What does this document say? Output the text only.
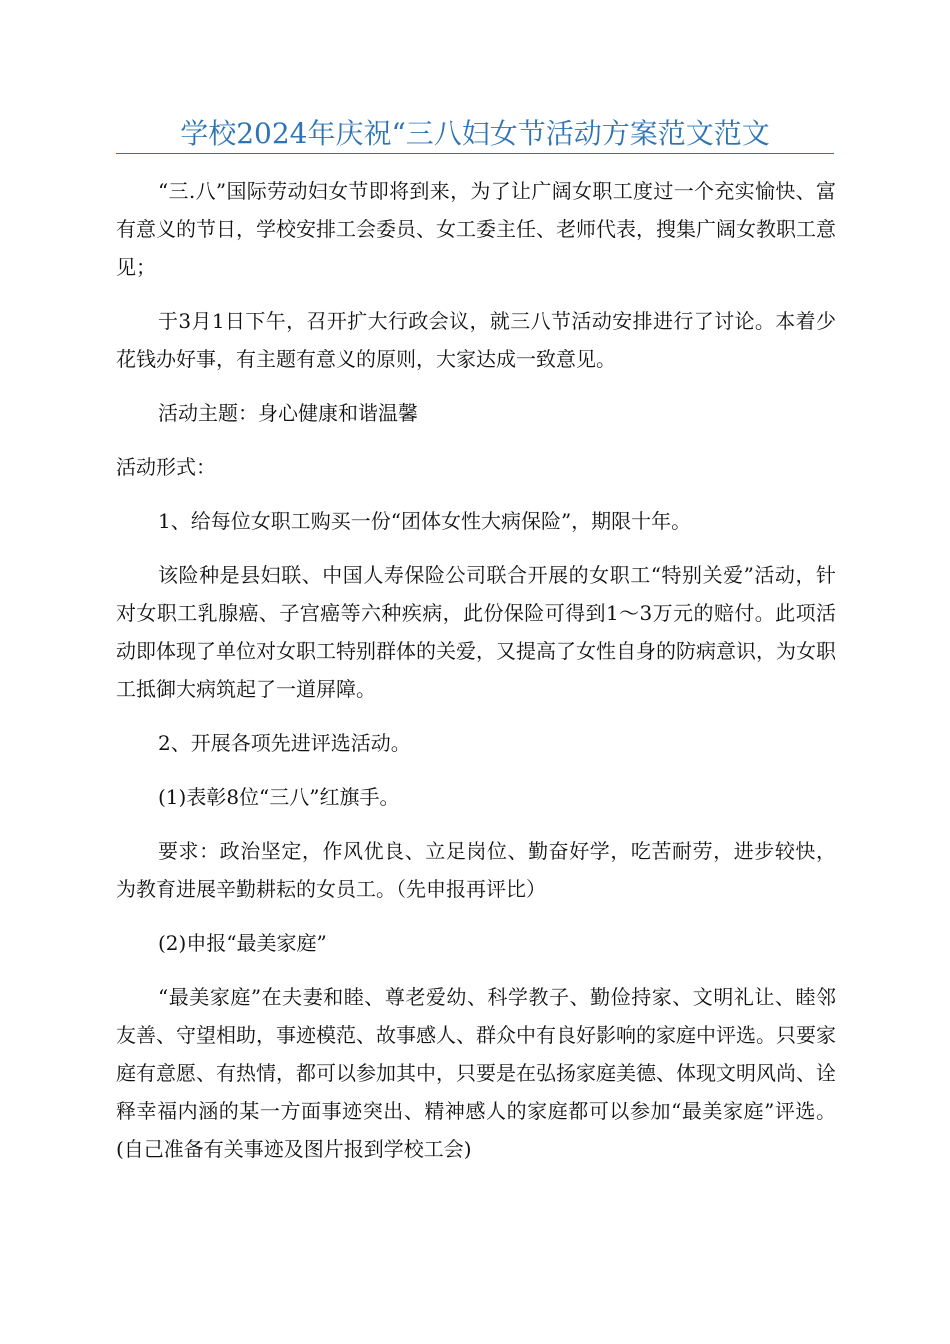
学校2024年庆祝“三八妇女节活动方案范文范文

“三.八”国际劳动妇女节即将到来，为了让广阔女职工度过一个充实愉快、富有意义的节日，学校安排工会委员、女工委主任、老师代表，搜集广阔女教职工意见；

于3月1日下午，召开扩大行政会议，就三八节活动安排进行了讨论。本着少花钱办好事，有主题有意义的原则，大家达成一致意见。

活动主题：身心健康和谐温馨

活动形式：

1、给每位女职工购买一份“团体女性大病保险”，期限十年。

该险种是县妇联、中国人寿保险公司联合开展的女职工“特别关爱”活动，针对女职工乳腺癌、子宫癌等六种疾病，此份保险可得到1～3万元的赔付。此项活动即体现了单位对女职工特别群体的关爱，又提高了女性自身的防病意识，为女职工抵御大病筑起了一道屏障。

2、开展各项先进评选活动。

(1)表彰8位“三八”红旗手。

要求：政治坚定，作风优良、立足岗位、勤奋好学，吃苦耐劳，进步较快，为教育进展辛勤耕耘的女员工。（先申报再评比）

(2)申报“最美家庭”

“最美家庭”在夫妻和睦、尊老爱幼、科学教子、勤俭持家、文明礼让、睦邻友善、守望相助，事迹模范、故事感人、群众中有良好影响的家庭中评选。只要家庭有意愿、有热情，都可以参加其中，只要是在弘扬家庭美德、体现文明风尚、诠释幸福内涵的某一方面事迹突出、精神感人的家庭都可以参加“最美家庭”评选。(自己准备有关事迹及图片报到学校工会)
